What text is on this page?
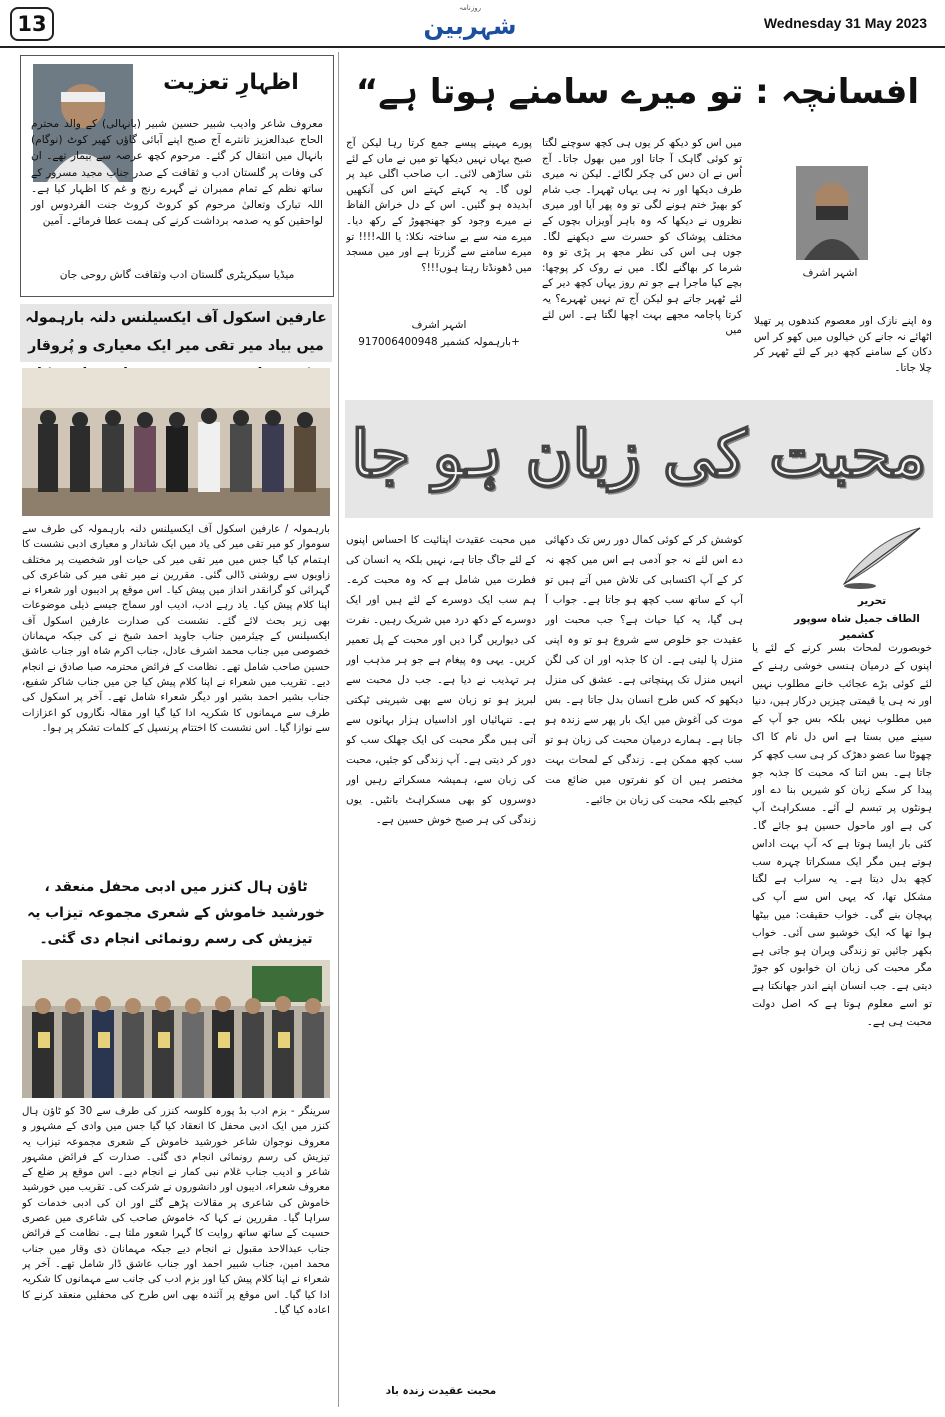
13
روزنامہ
شہربین	Wednesday 31 May 2023
اظہارِ تعزیت
معروف شاعر وادیب شبیر حسین شبیر (بانہالی) کے والد محترم الحاج عبدالعزیز تانترے آج صبح اپنے آبائی گاؤں کھیر کوٹ (نوگام) بانہال میں انتقال کر گئے۔ مرحوم کچھ عرصہ سے بیمار تھے۔ ان کی وفات پر گلستان ادب و ثقافت کے صدر جناب مجید مسرور کے ساتھ نظم کے تمام ممبران نے گہرے رنج و غم کا اظہار کیا ہے۔ اللہ تبارک وتعالیٰ مرحوم کو کروٹ کروٹ جنت الفردوس اور لواحقین کو یہ صدمہ برداشت کرنے کی ہمت عطا فرمائے۔ آمین
میڈیا سیکریٹری گلستان ادب وثقافت گاش روحی جان
عارفین اسکول آف ایکسیلنس دلنہ بارہمولہ میں بیاد میر تقی میر ایک معیاری و پُروقار
بارہمولہ / عارفین اسکول آف ایکسیلنس دلنہ بارہمولہ کی طرف سے سوموار کو میر تقی میر کی یاد میں ایک شاندار و معیاری ادبی نشست کا اہتمام کیا گیا جس میں میر تقی میر کی حیات اور شخصیت پر مختلف زاویوں سے روشنی ڈالی گئی۔ مقررین نے میر تقی میر کی شاعری کی گہرائی کو گرانقدر انداز میں پیش کیا۔ اس موقع پر ادیبوں اور شعراء نے اپنا کلام پیش کیا۔ یاد رہے ادب، ادیب اور سماج جیسے ذیلی موضوعات بھی زیر بحث لائے گئے۔ نشست کی صدارت عارفین اسکول آف ایکسیلنس کے چیئرمین جناب جاوید احمد شیخ نے کی جبکہ مہمانان خصوصی میں جناب محمد اشرف عادل، جناب اکرم شاہ اور جناب عاشق حسین صاحب شامل تھے۔ نظامت کے فرائض محترمہ صبا صادق نے انجام دیے۔ تقریب میں شعراء نے اپنا کلام پیش کیا جن میں جناب شاکر شفیع، جناب بشیر احمد بشیر اور دیگر شعراء شامل تھے۔ آخر پر اسکول کی طرف سے مہمانوں کا شکریہ ادا کیا گیا اور مقالہ نگاروں کو اعزازات سے نوازا گیا۔ اس نشست کا اختتام پرنسپل کے کلمات تشکر پر ہوا۔
ٹاؤن ہال کنزر میں ادبی محفل منعقد ، خورشید خاموش کے شعری مجموعہ تیزاب یہ تیزیش کی رسم رونمائی انجام دی گئی۔
سرینگر - بزم ادب بڈ پورہ کلوسہ کنزر کی طرف سے 30 کو ٹاؤن ہال کنزر میں ایک ادبی محفل کا انعقاد کیا گیا جس میں وادی کے مشہور و معروف نوجوان شاعر خورشید خاموش کے شعری مجموعہ تیزاب یہ تیزیش کی رسم رونمائی انجام دی گئی۔ صدارت کے فرائض مشہور شاعر و ادیب جناب غلام نبی کمار نے انجام دیے۔ اس موقع پر ضلع کے معروف شعراء، ادیبوں اور دانشوروں نے شرکت کی۔ تقریب میں خورشید خاموش کی شاعری پر مقالات پڑھے گئے اور ان کی ادبی خدمات کو سراہا گیا۔ مقررین نے کہا کہ خاموش صاحب کی شاعری میں عصری حسیت کے ساتھ ساتھ روایت کا گہرا شعور ملتا ہے۔ نظامت کے فرائض جناب عبدالاحد مقبول نے انجام دیے جبکہ مہمانان ذی وقار میں جناب محمد امین، جناب شبیر احمد اور جناب عاشق ڈار شامل تھے۔ آخر پر شعراء نے اپنا کلام پیش کیا اور بزم ادب کی جانب سے مہمانوں کا شکریہ ادا کیا گیا۔ اس موقع پر آئندہ بھی اس طرح کی محفلیں منعقد کرنے کا اعادہ کیا گیا۔
افسانچہ : تو میرے سامنے ہوتا ہے“
اشہر اشرف
وہ اپنے نازک اور معصوم کندھوں پر تھیلا اٹھائے نہ جانے کن خیالوں میں کھو کر اس دکان کے سامنے کچھ دیر کے لئے ٹھہر کر چلا جاتا۔
میں اس کو دیکھ کر یوں ہی کچھ سوچنے لگتا تو کوئی گاہک آ جاتا اور میں بھول جاتا۔ آج اُس نے ان دس کی چکر لگائے۔ لیکن نہ میری طرف دیکھا اور نہ ہی یہاں ٹھہرا۔ جب شام کو بھیڑ ختم ہونے لگی تو وہ پھر آیا اور میری نظروں نے دیکھا کہ وہ باہر آویزاں بچوں کے مختلف پوشاک کو حسرت سے دیکھنے لگا۔ جوں ہی اس کی نظر مجھ پر پڑی تو وہ شرما کر بھاگنے لگا۔ میں نے روک کر پوچھا: بچے کیا ماجرا ہے جو تم روز یہاں کچھ دیر کے لئے ٹھہر جاتے ہو لیکن آج تم نہیں ٹھہرے؟ یہ کرتا پاجامہ مجھے بہت اچھا لگتا ہے۔ اس لئے میں
پورے مہینے پیسے جمع کرتا رہا لیکن آج صبح یہاں نہیں دیکھا تو میں نے ماں کے لئے نئی ساڑھی لائی۔ اب صاحب اگلی عید پر لوں گا۔ یہ کہتے کہتے اس کی آنکھیں آبدیدہ ہو گئیں۔ اس کے دل خراش الفاظ نے میرے وجود کو جھنجھوڑ کے رکھ دیا۔ میرے منہ سے بے ساختہ نکلا: یا اللہ!!!! تو میرے سامنے سے گزرتا ہے اور میں مسجد میں ڈھونڈتا رہتا ہوں!!!؟
اشہر اشرف
بارہمولہ کشمیر 917006400948+
محبت کی زبان ہو جا
تحریر
الطاف جمیل شاہ سوپور کشمیر
خوبصورت لمحات بسر کرنے کے لئے یا اپنوں کے درمیان ہنسی خوشی رہنے کے لئے کوئی بڑے عجائب خانے مطلوب نہیں اور نہ ہی یا قیمتی چیزیں درکار ہیں، دنیا میں مطلوب نہیں بلکہ بس جو آپ کے سینے میں بستا ہے اس دل نام کا اک چھوٹا سا عضو دھڑک کر ہی سب کچھ کر جاتا ہے۔ بس اتنا کہ محبت کا جذبہ جو پیدا کر سکے زبان کو شیریں بنا دے اور ہونٹوں پر تبسم لے آئے۔ مسکراہٹ آپ کی ہے اور ماحول حسین ہو جائے گا۔ کئی بار ایسا ہوتا ہے کہ آپ بہت اداس ہوتے ہیں مگر ایک مسکراتا چہرہ سب کچھ بدل دیتا ہے۔ یہ سراب ہے لگتا مشکل تھا، کہ یہی اس سے آپ کی پہچان بنے گی۔ خواب حقیقت: میں بیٹھا ہوا تھا کہ ایک خوشبو سی آئی۔ خواب بکھر جائیں تو زندگی ویران ہو جاتی ہے مگر محبت کی زبان ان خوابوں کو جوڑ دیتی ہے۔ جب انسان اپنے اندر جھانکتا ہے تو اسے معلوم ہوتا ہے کہ اصل دولت محبت ہی ہے۔
کوشش کر کے کوئی کمال دور رس تک دکھائی دے اس لئے نہ جو آدمی ہے اس میں کچھ نہ کر کے آپ اکتسابی کی تلاش میں آتے ہیں تو آپ کے ساتھ سب کچھ ہو جاتا ہے۔ جواب آ ہی گیا، یہ کیا حیات ہے؟ جب محبت اور عقیدت جو خلوص سے شروع ہو تو وہ اپنی منزل پا لیتی ہے۔ ان کا جذبہ اور ان کی لگن انہیں منزل تک پہنچاتی ہے۔ عشق کی منزل دیکھو کہ کس طرح انسان بدل جاتا ہے۔ بس موت کی آغوش میں ایک بار پھر سے زندہ ہو جانا ہے۔ ہمارے درمیان محبت کی زبان ہو تو سب کچھ ممکن ہے۔ زندگی کے لمحات بہت مختصر ہیں ان کو نفرتوں میں ضائع مت کیجیے بلکہ محبت کی زبان بن جائیے۔
میں محبت عقیدت اپنائیت کا احساس اپنوں کے لئے جاگ جاتا ہے، نہیں بلکہ یہ انسان کی فطرت میں شامل ہے کہ وہ محبت کرے۔ ہم سب ایک دوسرے کے لئے ہیں اور ایک دوسرے کے دکھ درد میں شریک رہیں۔ نفرت کی دیواریں گرا دیں اور محبت کے پل تعمیر کریں۔ یہی وہ پیغام ہے جو ہر مذہب اور ہر تہذیب نے دیا ہے۔ جب دل محبت سے لبریز ہو تو زبان سے بھی شیرینی ٹپکتی ہے۔ تنہائیاں اور اداسیاں ہزار بہانوں سے آتی ہیں مگر محبت کی ایک جھلک سب کو دور کر دیتی ہے۔ آپ زندگی کو جئیں، محبت کی زبان سے، ہمیشہ مسکراتے رہیں اور دوسروں کو بھی مسکراہٹ بانٹیں۔ یوں زندگی کی ہر صبح خوش حسین ہے۔
محبت عقیدت زندہ باد
